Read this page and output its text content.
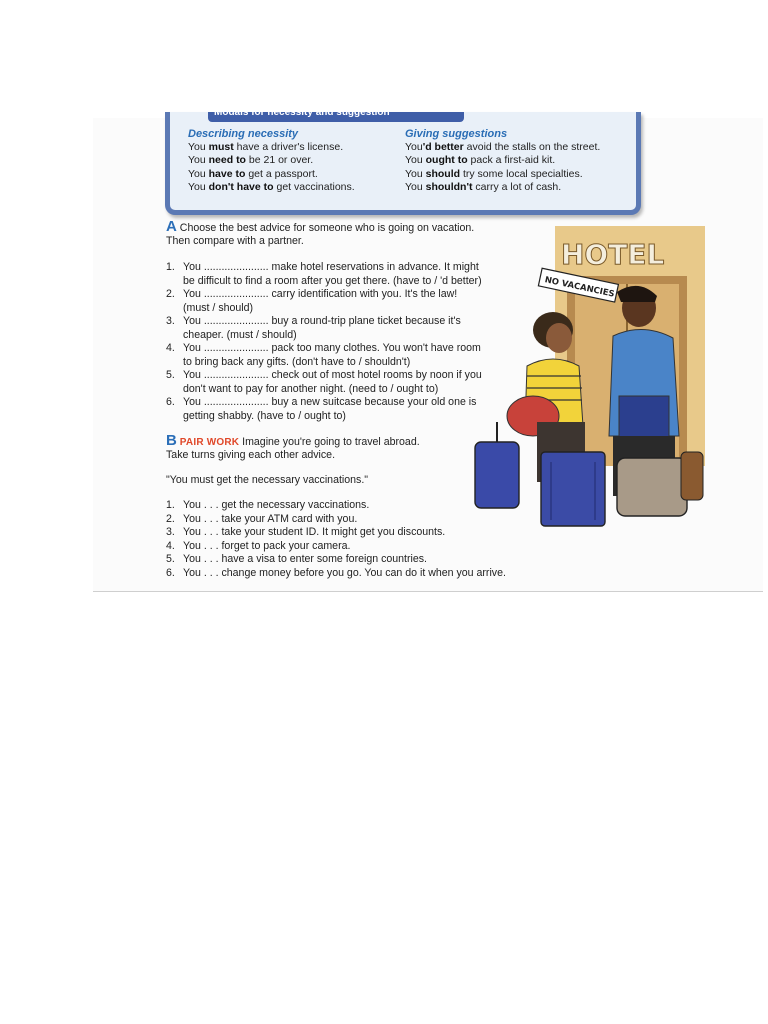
Modals for necessity and suggestion
Describing necessity
You must have a driver's license.
You need to be 21 or over.
You have to get a passport.
You don't have to get vaccinations.
Giving suggestions
You'd better avoid the stalls on the street.
You ought to pack a first-aid kit.
You should try some local specialties.
You shouldn't carry a lot of cash.
A Choose the best advice for someone who is going on vacation.
Then compare with a partner.
1. You ...................... make hotel reservations in advance. It might
be difficult to find a room after you get there. (have to / 'd better)
2. You ...................... carry identification with you. It's the law!
(must / should)
3. You ...................... buy a round-trip plane ticket because it's
cheaper. (must / should)
4. You ...................... pack too many clothes. You won't have room
to bring back any gifts. (don't have to / shouldn't)
5. You ...................... check out of most hotel rooms by noon if you
don't want to pay for another night. (need to / ought to)
6. You ...................... buy a new suitcase because your old one is
getting shabby. (have to / ought to)
B PAIR WORK Imagine you're going to travel abroad.
Take turns giving each other advice.
"You must get the necessary vaccinations."
1. You . . . get the necessary vaccinations.
2. You . . . take your ATM card with you.
3. You . . . take your student ID. It might get you discounts.
4. You . . . forget to pack your camera.
5. You . . . have a visa to enter some foreign countries.
6. You . . . change money before you go. You can do it when you arrive.
HOTEL
NO VACANCIES
